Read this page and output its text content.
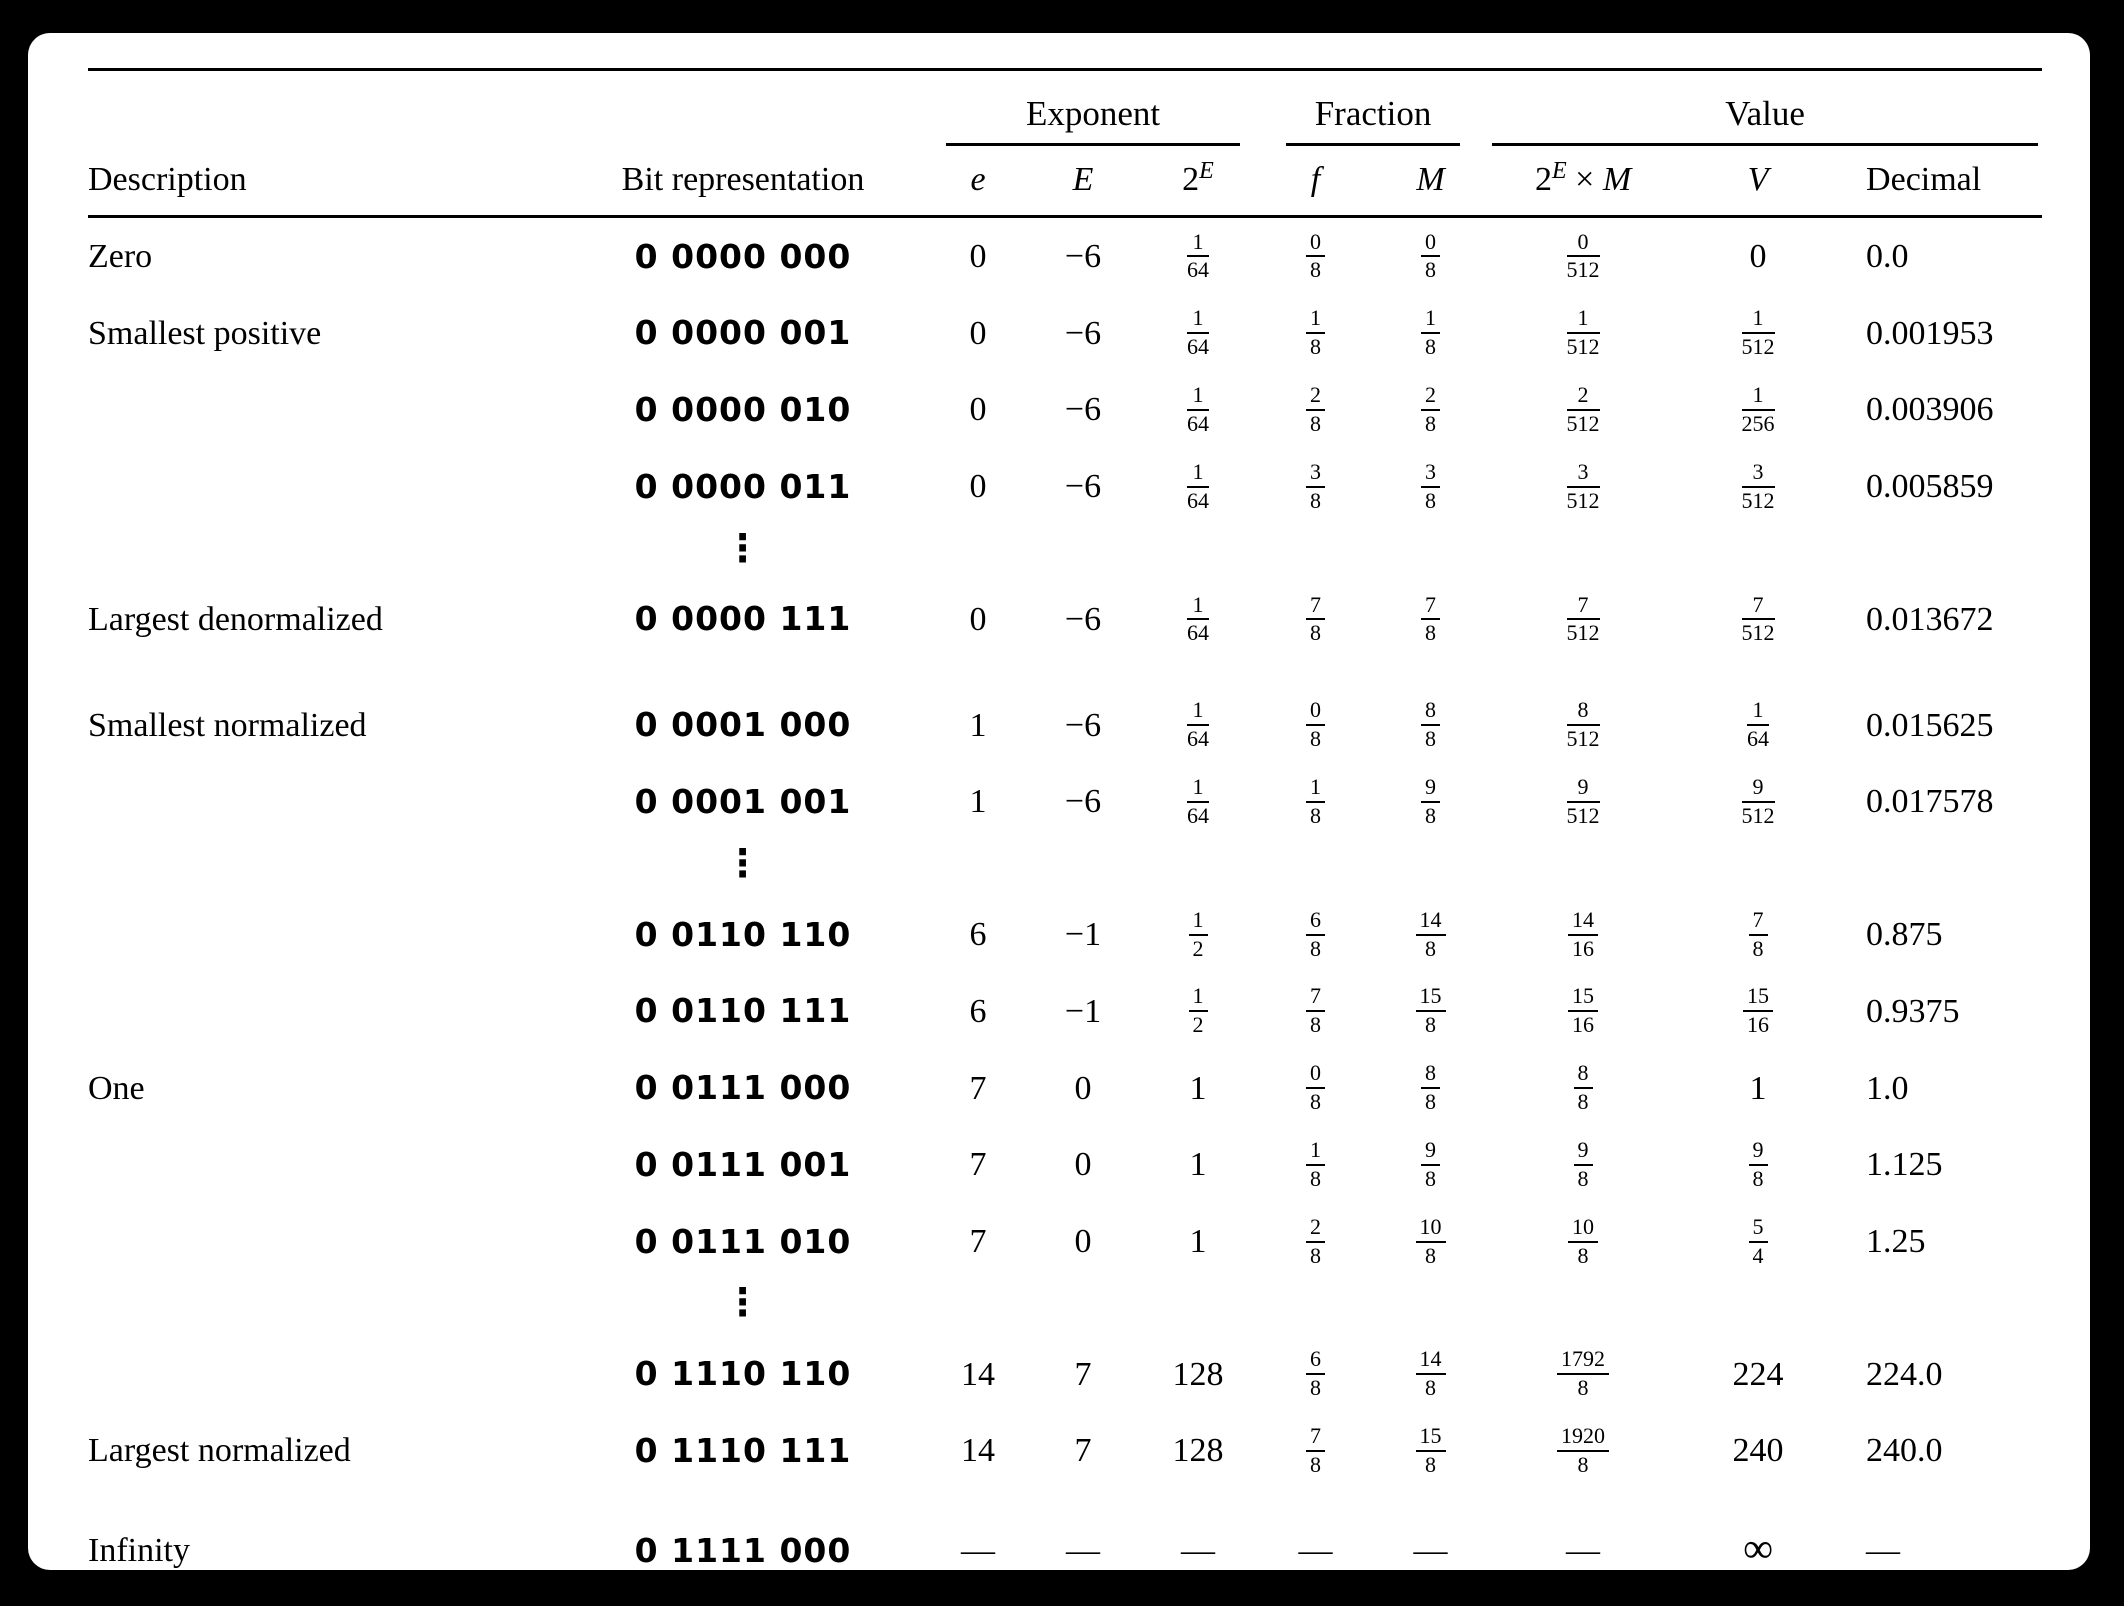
		Exponent			Fraction		Value		

Description	Bit representation	e	E	$2^E$	f	M	$2^E \times M$	V	Decimal
Zero	0 0000 000	0	−6	$\frac{1}{64}$	$\frac{0}{8}$	$\frac{0}{8}$	$\frac{0}{512}$	0	0.0
Smallest positive	0 0000 001	0	−6	$\frac{1}{64}$	$\frac{1}{8}$	$\frac{1}{8}$	$\frac{1}{512}$	$\frac{1}{512}$	0.001953
	0 0000 010	0	−6	$\frac{1}{64}$	$\frac{2}{8}$	$\frac{2}{8}$	$\frac{2}{512}$	$\frac{1}{256}$	0.003906
	0 0000 011	0	−6	$\frac{1}{64}$	$\frac{3}{8}$	$\frac{3}{8}$	$\frac{3}{512}$	$\frac{3}{512}$	0.005859
	⋮								
Largest denormalized	0 0000 111	0	−6	$\frac{1}{64}$	$\frac{7}{8}$	$\frac{7}{8}$	$\frac{7}{512}$	$\frac{7}{512}$	0.013672
Smallest normalized	0 0001 000	1	−6	$\frac{1}{64}$	$\frac{0}{8}$	$\frac{8}{8}$	$\frac{8}{512}$	$\frac{1}{64}$	0.015625
	0 0001 001	1	−6	$\frac{1}{64}$	$\frac{1}{8}$	$\frac{9}{8}$	$\frac{9}{512}$	$\frac{9}{512}$	0.017578
	⋮								
	0 0110 110	6	−1	$\frac{1}{2}$	$\frac{6}{8}$	$\frac{14}{8}$	$\frac{14}{16}$	$\frac{7}{8}$	0.875
	0 0110 111	6	−1	$\frac{1}{2}$	$\frac{7}{8}$	$\frac{15}{8}$	$\frac{15}{16}$	$\frac{15}{16}$	0.9375
One	0 0111 000	7	0	1	$\frac{0}{8}$	$\frac{8}{8}$	$\frac{8}{8}$	1	1.0
	0 0111 001	7	0	1	$\frac{1}{8}$	$\frac{9}{8}$	$\frac{9}{8}$	$\frac{9}{8}$	1.125
	0 0111 010	7	0	1	$\frac{2}{8}$	$\frac{10}{8}$	$\frac{10}{8}$	$\frac{5}{4}$	1.25
	⋮								
	0 1110 110	14	7	128	$\frac{6}{8}$	$\frac{14}{8}$	$\frac{1792}{8}$	224	224.0
Largest normalized	0 1110 111	14	7	128	$\frac{7}{8}$	$\frac{15}{8}$	$\frac{1920}{8}$	240	240.0
Infinity	0 1111 000	—	—	—	—	—	—	∞	—
